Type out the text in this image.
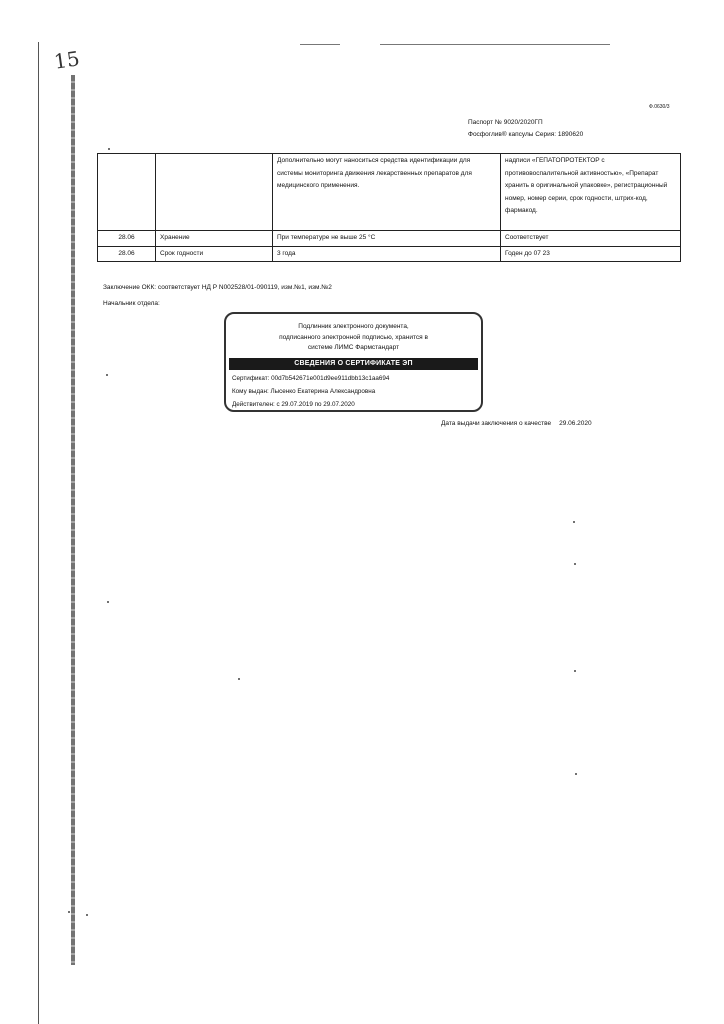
15
Ф.0630/3
Паспорт № 9020/2020ГП
Фосфоглив® капсулы Серия: 1890620
		Дополнительно могут наноситься средства идентификации для системы мониторинга движения лекарственных препаратов для медицинского применения.	надписи «ГЕПАТОПРОТЕКТОР с противовоспалительной активностью», «Препарат хранить в оригинальной упаковке», регистрационный номер, номер серии, срок годности, штрих-код, фармакод.
28.06	Хранение	При температуре не выше 25 °С	Соответствует
28.06	Срок годности	3 года	Годен до 07 23
Заключение ОКК: соответствует НД Р N002528/01-090119, изм.№1, изм.№2
Начальник отдела:
Подлинник электронного документа,
подписанного электронной подписью, хранится в
системе ЛИМС Фармстандарт
СВЕДЕНИЯ О СЕРТИФИКАТЕ ЭП
Сертификат: 00d7b542671e001d9ee911dbb13c1aa694
Кому выдан: Лысенко Екатерина Александровна
Действителен: с 29.07.2019 по 29.07.2020
Дата выдачи заключения о качестве 29.06.2020
